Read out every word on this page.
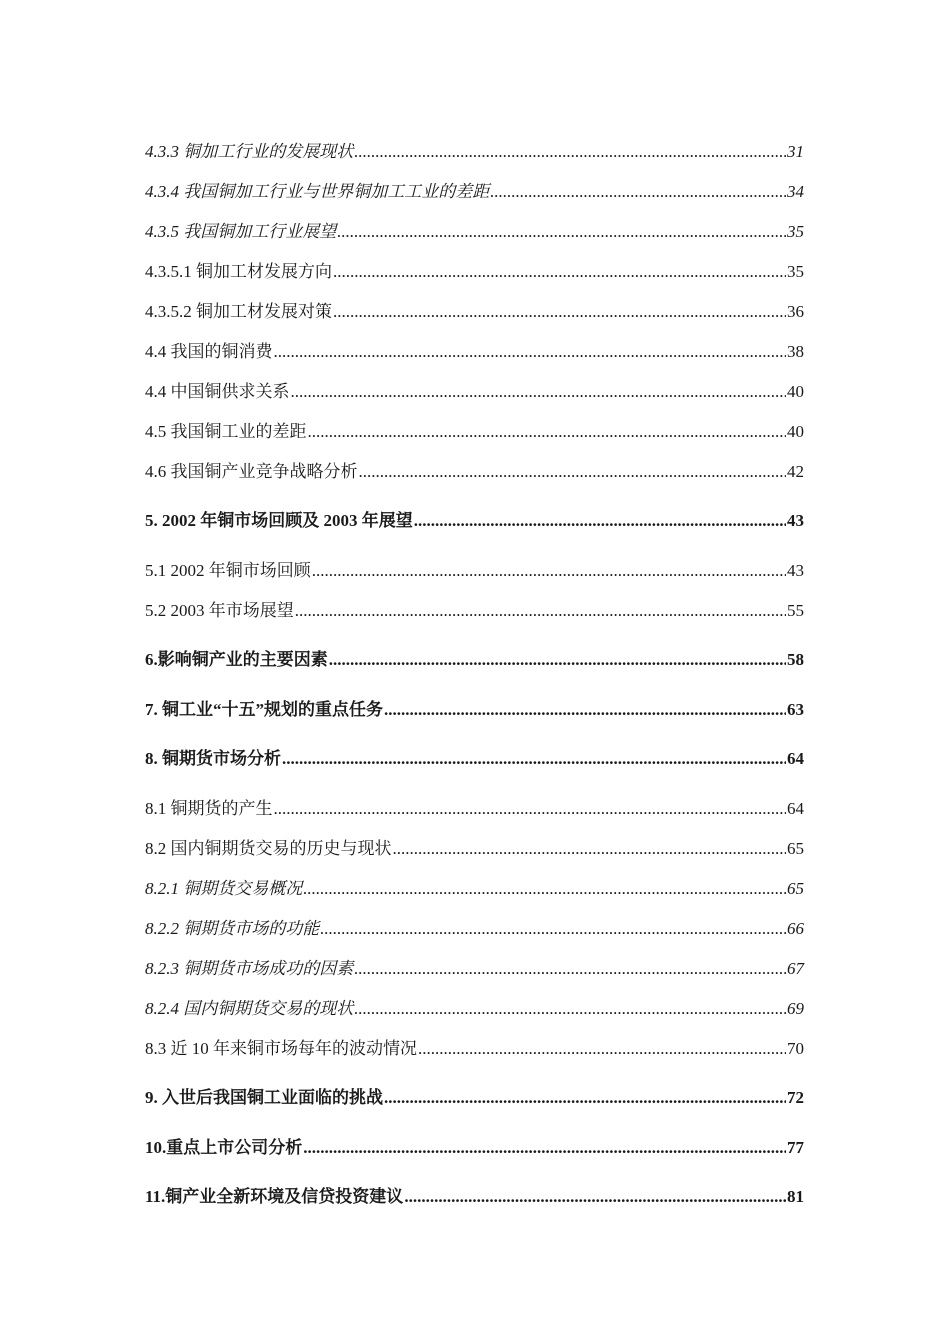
4.3.3 铜加工行业的发展现状 .....	31
4.3.4 我国铜加工行业与世界铜加工工业的差距 .....	34
4.3.5 我国铜加工行业展望 .....	35
4.3.5.1 铜加工材发展方向 .....	35
4.3.5.2 铜加工材发展对策 .....	36
4.4 我国的铜消费 .....	38
4.4 中国铜供求关系 .....	40
4.5 我国铜工业的差距 .....	40
4.6 我国铜产业竞争战略分析 .....	42
5. 2002 年铜市场回顾及 2003 年展望 .....	43
5.1 2002 年铜市场回顾 .....	43
5.2 2003 年市场展望 .....	55
6.影响铜产业的主要因素 .....	58
7. 铜工业“十五”规划的重点任务 .....	63
8. 铜期货市场分析 .....	64
8.1 铜期货的产生 .....	64
8.2 国内铜期货交易的历史与现状 .....	65
8.2.1 铜期货交易概况 .....	65
8.2.2 铜期货市场的功能 .....	66
8.2.3 铜期货市场成功的因素 .....	67
8.2.4 国内铜期货交易的现状 .....	69
8.3 近 10 年来铜市场每年的波动情况 .....	70
9. 入世后我国铜工业面临的挑战 .....	72
10.重点上市公司分析 .....	77
11.铜产业全新环境及信贷投资建议 .....	81
